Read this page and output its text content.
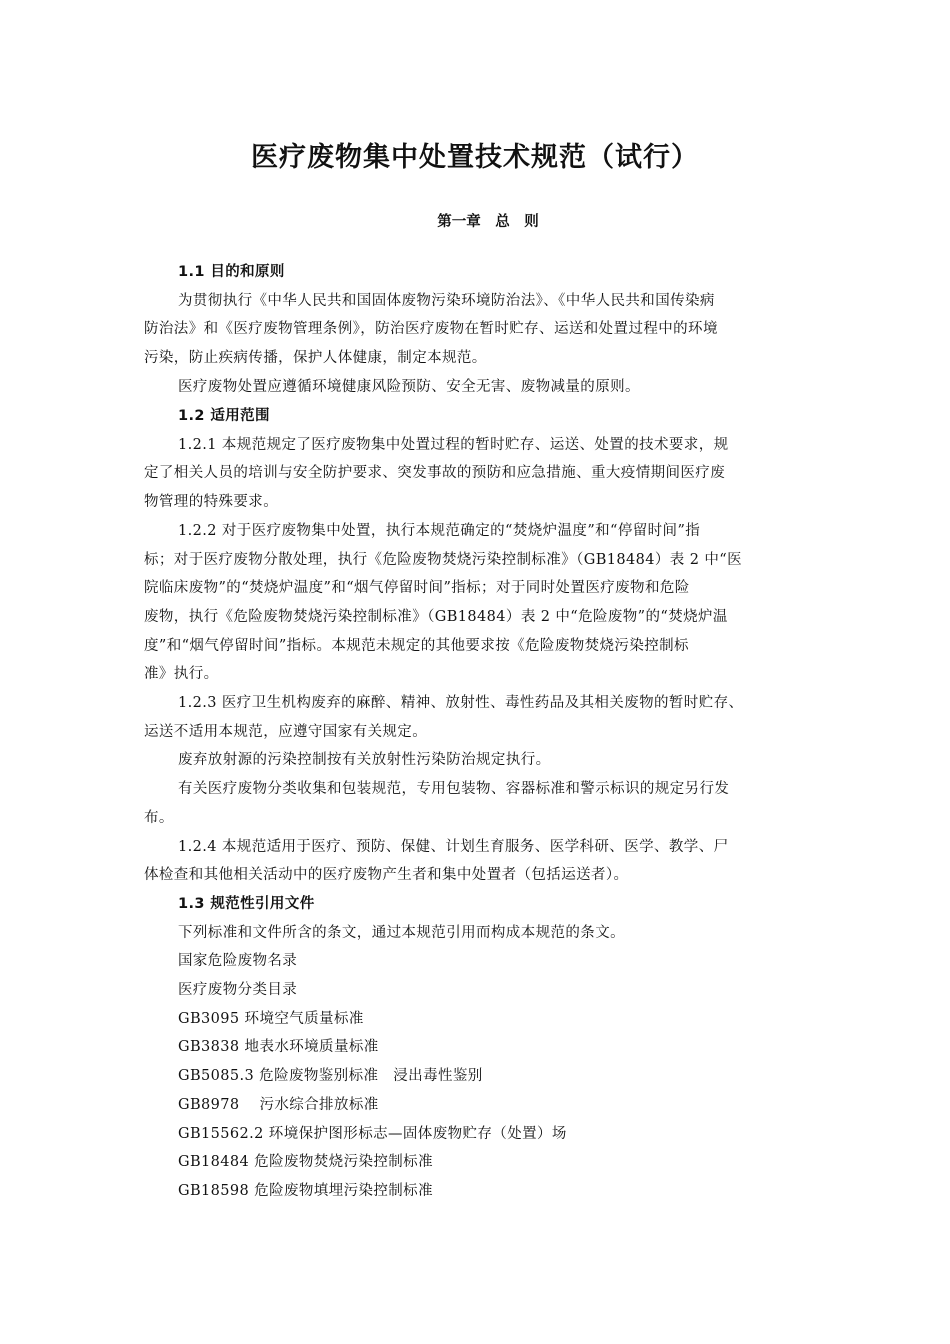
医疗废物集中处置技术规范（试行）
第一章　总　则
1.1 目的和原则
为贯彻执行《中华人民共和国固体废物污染环境防治法》、《中华人民共和国传染病
防治法》和《医疗废物管理条例》，防治医疗废物在暂时贮存、运送和处置过程中的环境
污染，防止疾病传播，保护人体健康，制定本规范。
医疗废物处置应遵循环境健康风险预防、安全无害、废物减量的原则。
1.2 适用范围
1.2.1 本规范规定了医疗废物集中处置过程的暂时贮存、运送、处置的技术要求，规
定了相关人员的培训与安全防护要求、突发事故的预防和应急措施、重大疫情期间医疗废
物管理的特殊要求。
1.2.2 对于医疗废物集中处置，执行本规范确定的“焚烧炉温度”和“停留时间”指
标；对于医疗废物分散处理，执行《危险废物焚烧污染控制标准》（GB18484）表 2 中“医
院临床废物”的“焚烧炉温度”和“烟气停留时间”指标；对于同时处置医疗废物和危险
废物，执行《危险废物焚烧污染控制标准》（GB18484）表 2 中“危险废物”的“焚烧炉温
度”和“烟气停留时间”指标。本规范未规定的其他要求按《危险废物焚烧污染控制标
准》执行。
1.2.3 医疗卫生机构废弃的麻醉、精神、放射性、毒性药品及其相关废物的暂时贮存、
运送不适用本规范，应遵守国家有关规定。
废弃放射源的污染控制按有关放射性污染防治规定执行。
有关医疗废物分类收集和包装规范，专用包装物、容器标准和警示标识的规定另行发
布。
1.2.4 本规范适用于医疗、预防、保健、计划生育服务、医学科研、医学、教学、尸
体检查和其他相关活动中的医疗废物产生者和集中处置者（包括运送者）。
1.3 规范性引用文件
下列标准和文件所含的条文，通过本规范引用而构成本规范的条文。
国家危险废物名录
医疗废物分类目录
GB3095 环境空气质量标准
GB3838 地表水环境质量标准
GB5085.3 危险废物鉴别标准　浸出毒性鉴别
GB8978　 污水综合排放标准
GB15562.2 环境保护图形标志—固体废物贮存（处置）场
GB18484 危险废物焚烧污染控制标准
GB18598 危险废物填埋污染控制标准
